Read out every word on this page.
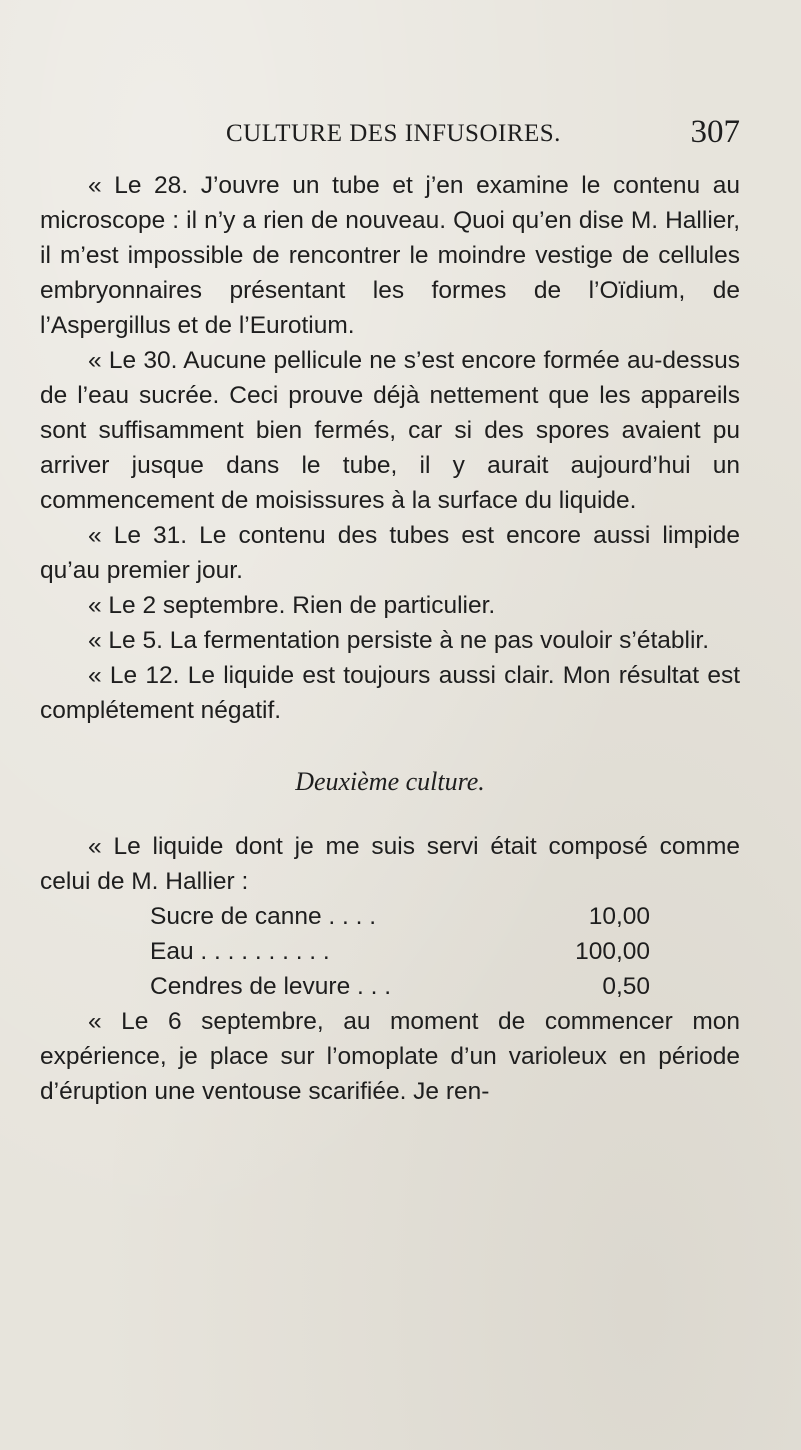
CULTURE DES INFUSOIRES.	307

« Le 28. J’ouvre un tube et j’en examine le contenu au microscope : il n’y a rien de nouveau. Quoi qu’en dise M. Hallier, il m’est impossible de rencontrer le moindre vestige de cellules embryonnaires présentant les formes de l’Oïdium, de l’Aspergillus et de l’Eurotium.

« Le 30. Aucune pellicule ne s’est encore formée au-dessus de l’eau sucrée. Ceci prouve déjà nettement que les appareils sont suffisamment bien fermés, car si des spores avaient pu arriver jusque dans le tube, il y aurait aujourd’hui un commencement de moisissures à la surface du liquide.

« Le 31. Le contenu des tubes est encore aussi limpide qu’au premier jour.

« Le 2 septembre. Rien de particulier.

« Le 5. La fermentation persiste à ne pas vouloir s’établir.

« Le 12. Le liquide est toujours aussi clair. Mon résultat est complétement négatif.

Deuxième culture.

« Le liquide dont je me suis servi était composé comme celui de M. Hallier :

Sucre de canne . . . .	10,00
Eau . . . . . . . . . .	100,00
Cendres de levure . . .	0,50

« Le 6 septembre, au moment de commencer mon expérience, je place sur l’omoplate d’un varioleux en période d’éruption une ventouse scarifiée. Je ren-
